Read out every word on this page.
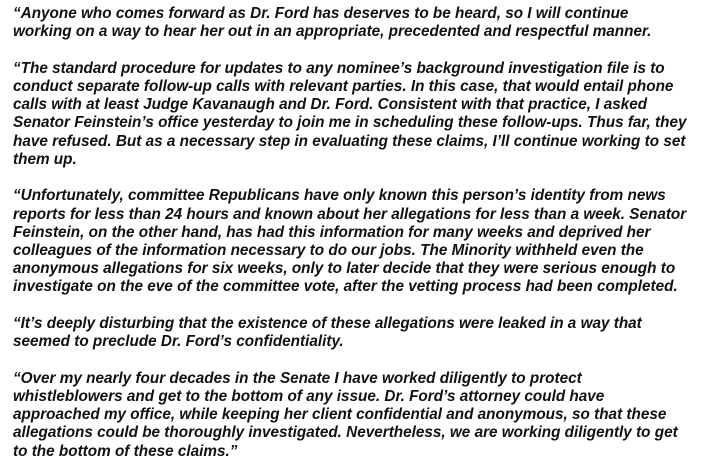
“Anyone who comes forward as Dr. Ford has deserves to be heard, so I will continue
working on a way to hear her out in an appropriate, precedented and respectful manner.

“The standard procedure for updates to any nominee’s background investigation file is to
conduct separate follow-up calls with relevant parties. In this case, that would entail phone
calls with at least Judge Kavanaugh and Dr. Ford. Consistent with that practice, I asked
Senator Feinstein’s office yesterday to join me in scheduling these follow-ups. Thus far, they
have refused. But as a necessary step in evaluating these claims, I’ll continue working to set
them up.

“Unfortunately, committee Republicans have only known this person’s identity from news
reports for less than 24 hours and known about her allegations for less than a week. Senator
Feinstein, on the other hand, has had this information for many weeks and deprived her
colleagues of the information necessary to do our jobs. The Minority withheld even the
anonymous allegations for six weeks, only to later decide that they were serious enough to
investigate on the eve of the committee vote, after the vetting process had been completed.

“It’s deeply disturbing that the existence of these allegations were leaked in a way that
seemed to preclude Dr. Ford’s confidentiality.

“Over my nearly four decades in the Senate I have worked diligently to protect
whistleblowers and get to the bottom of any issue. Dr. Ford’s attorney could have
approached my office, while keeping her client confidential and anonymous, so that these
allegations could be thoroughly investigated. Nevertheless, we are working diligently to get
to the bottom of these claims.”
